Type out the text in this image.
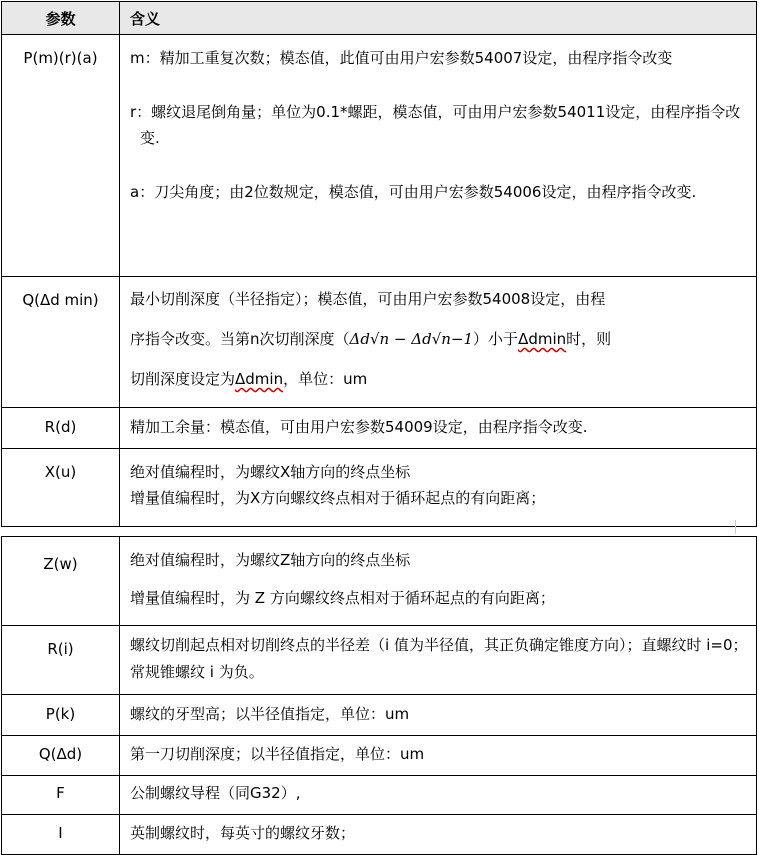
参数	含义
P(m)(r)(a)	m：精加工重复次数；模态值，此值可由用户宏参数54007设定，由程序指令改变

r：螺纹退尾倒角量；单位为0.1*螺距，模态值，可由用户宏参数54011设定，由程序指令改变.

a：刀尖角度；由2位数规定，模态值，可由用户宏参数54006设定，由程序指令改变.

Q(Δd min)	最小切削深度（半径指定）；模态值，可由用户宏参数54008设定，由程
序指令改变。当第n次切削深度（Δd√n − Δd√n−1）小于Δdmin时，则
切削深度设定为Δdmin，单位：um

R(d)	精加工余量：模态值，可由用户宏参数54009设定，由程序指令改变.
X(u)	绝对值编程时，为螺纹X轴方向的终点坐标
增量值编程时，为X方向螺纹终点相对于循环起点的有向距离；
Z(w)	绝对值编程时，为螺纹Z轴方向的终点坐标
增量值编程时，为 Z 方向螺纹终点相对于循环起点的有向距离；

R(i)	螺纹切削起点相对切削终点的半径差（i 值为半径值，其正负确定锥度方向）；直螺纹时 i=0；常规锥螺纹 i 为负。
P(k)	螺纹的牙型高；以半径值指定，单位：um
Q(Δd)	第一刀切削深度；以半径值指定，单位：um
F	公制螺纹导程（同G32）,
I	英制螺纹时，每英寸的螺纹牙数；
